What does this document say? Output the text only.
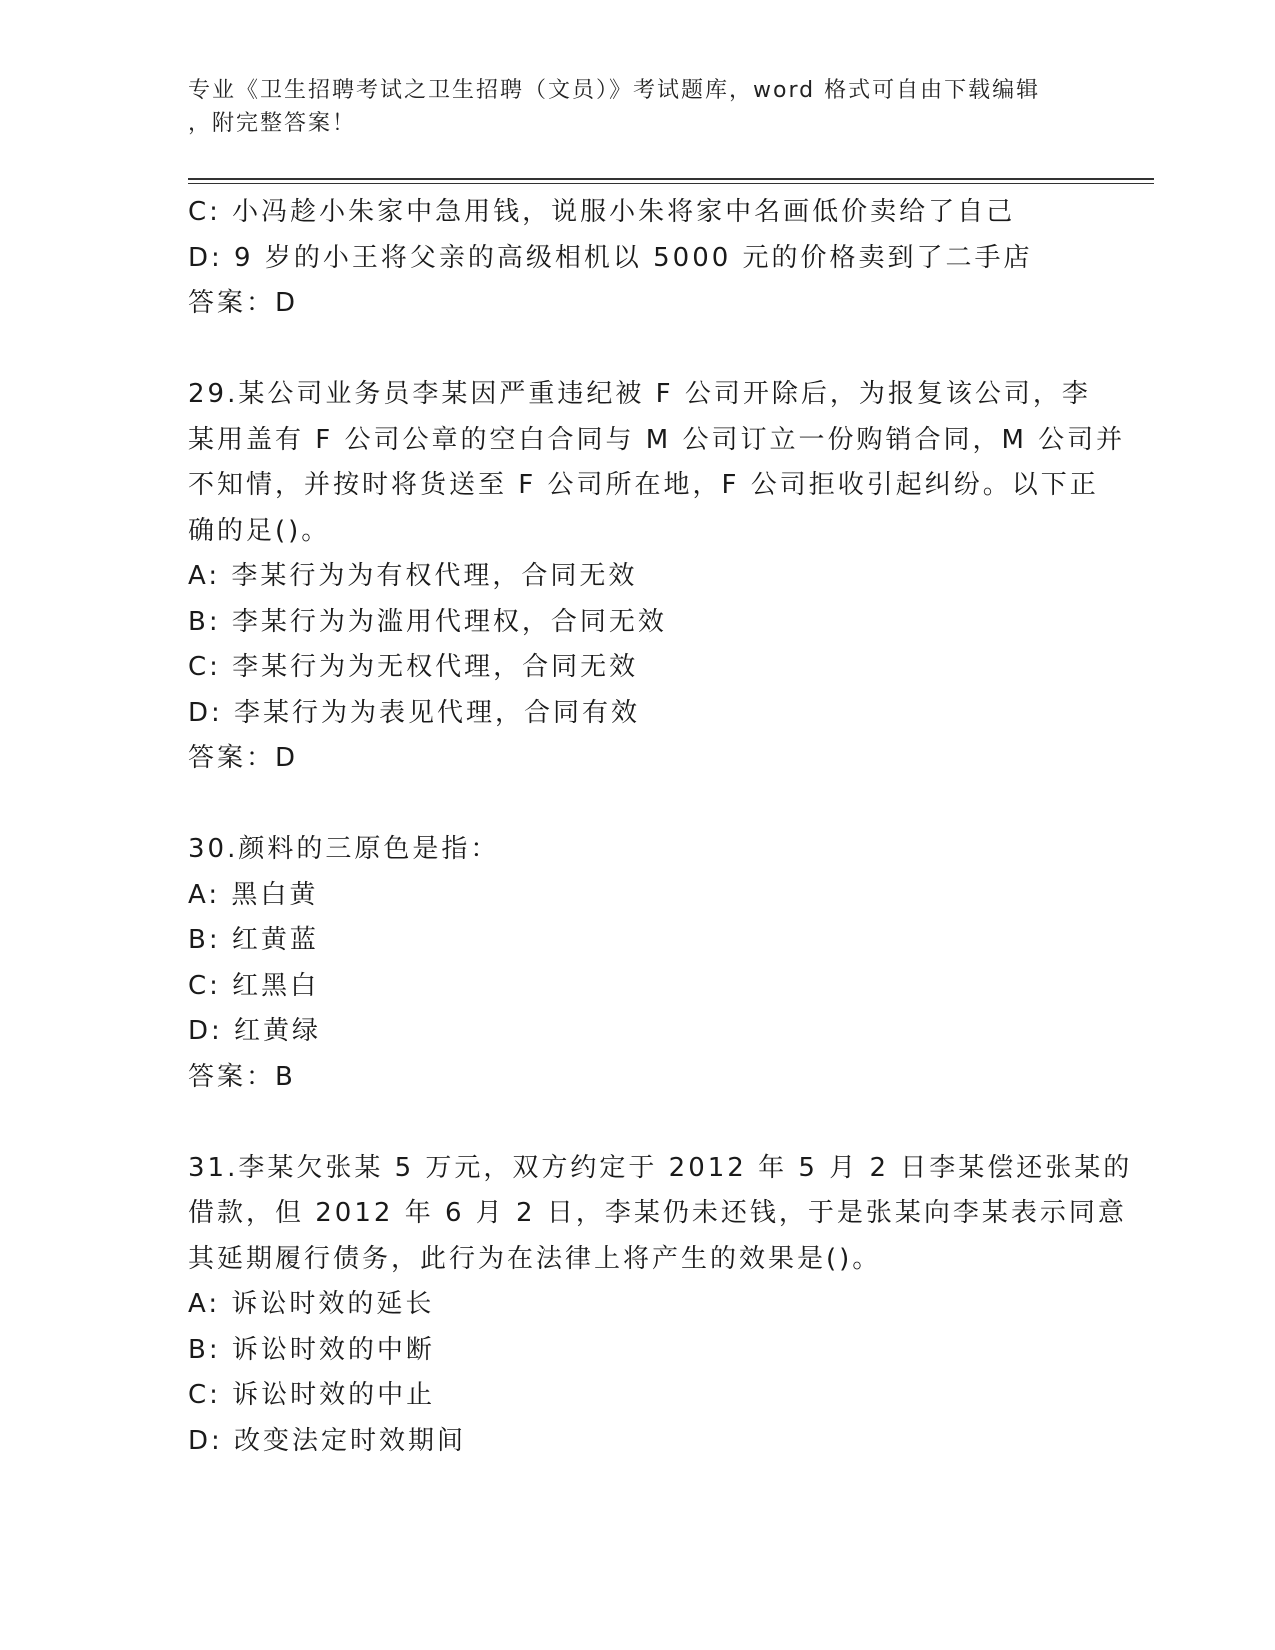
专业《卫生招聘考试之卫生招聘（文员）》考试题库，word 格式可自由下载编辑
，附完整答案！
C: 小冯趁小朱家中急用钱，说服小朱将家中名画低价卖给了自己
D: 9 岁的小王将父亲的高级相机以 5000 元的价格卖到了二手店
答案：D
29.某公司业务员李某因严重违纪被 F 公司开除后，为报复该公司，李
某用盖有 F 公司公章的空白合同与 M 公司订立一份购销合同，M 公司并
不知情，并按时将货送至 F 公司所在地，F 公司拒收引起纠纷。以下正
确的足()。
A: 李某行为为有权代理，合同无效
B: 李某行为为滥用代理权，合同无效
C: 李某行为为无权代理，合同无效
D: 李某行为为表见代理，合同有效
答案：D
30.颜料的三原色是指：
A: 黑白黄
B: 红黄蓝
C: 红黑白
D: 红黄绿
答案：B
31.李某欠张某 5 万元，双方约定于 2012 年 5 月 2 日李某偿还张某的
借款，但 2012 年 6 月 2 日，李某仍未还钱，于是张某向李某表示同意
其延期履行债务，此行为在法律上将产生的效果是()。
A: 诉讼时效的延长
B: 诉讼时效的中断
C: 诉讼时效的中止
D: 改变法定时效期间
